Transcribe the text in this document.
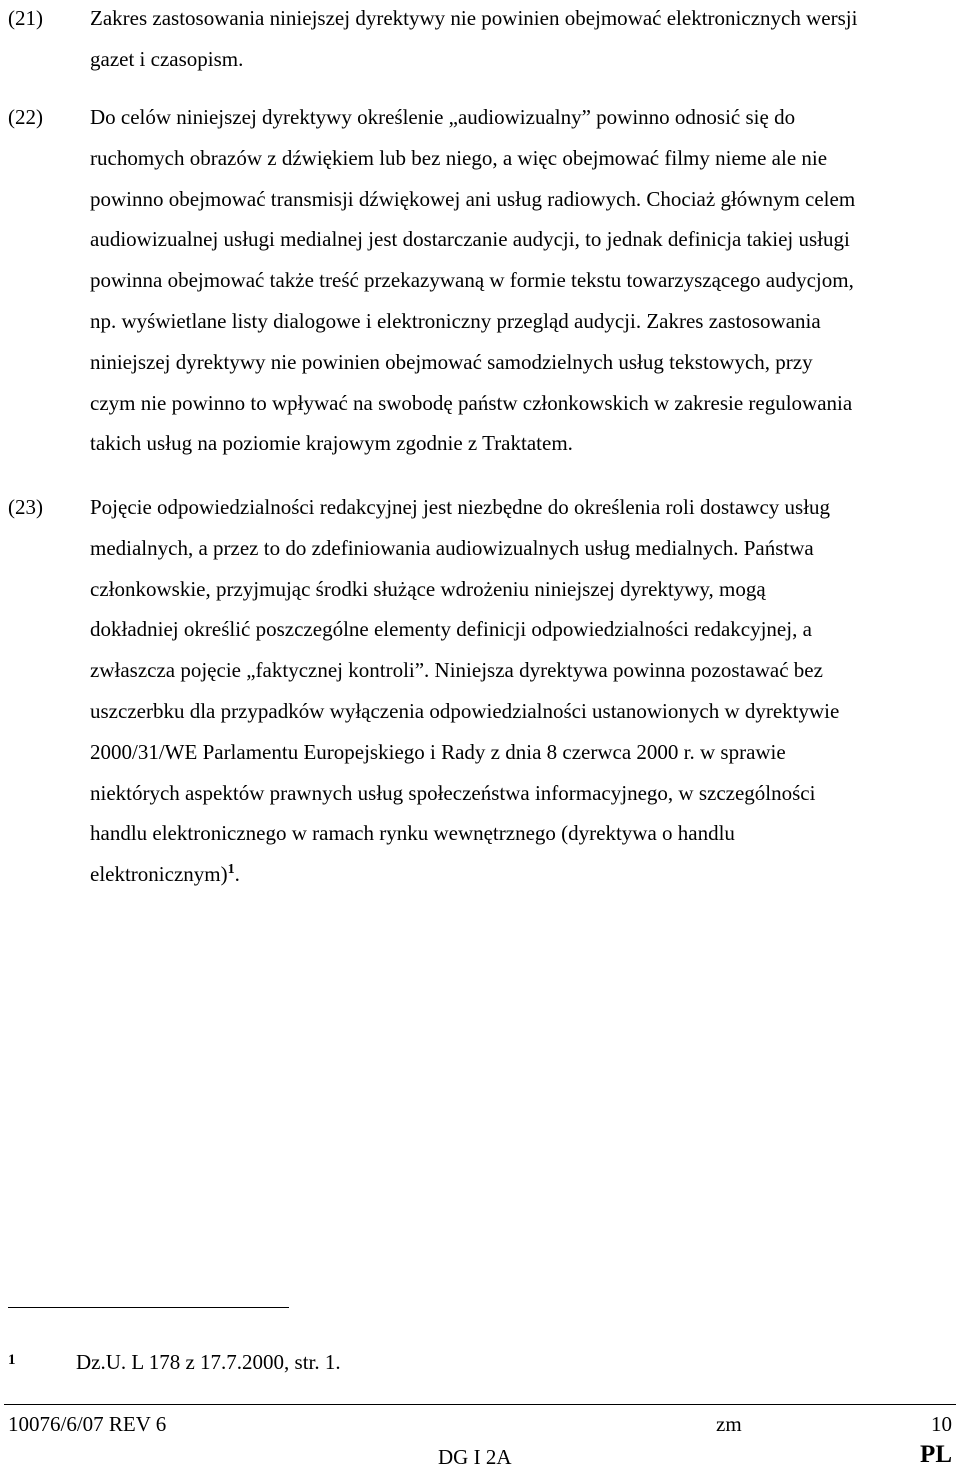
(21) Zakres zastosowania niniejszej dyrektywy nie powinien obejmować elektronicznych wersji
gazet i czasopism.
(22) Do celów niniejszej dyrektywy określenie „audiowizualny” powinno odnosić się do
ruchomych obrazów z dźwiękiem lub bez niego, a więc obejmować filmy nieme ale nie
powinno obejmować transmisji dźwiękowej ani usług radiowych. Chociaż głównym celem
audiowizualnej usługi medialnej jest dostarczanie audycji, to jednak definicja takiej usługi
powinna obejmować także treść przekazywaną w formie tekstu towarzyszącego audycjom,
np. wyświetlane listy dialogowe i elektroniczny przegląd audycji. Zakres zastosowania
niniejszej dyrektywy nie powinien obejmować samodzielnych usług tekstowych, przy
czym nie powinno to wpływać na swobodę państw członkowskich w zakresie regulowania
takich usług na poziomie krajowym zgodnie z Traktatem.
(23) Pojęcie odpowiedzialności redakcyjnej jest niezbędne do określenia roli dostawcy usług
medialnych, a przez to do zdefiniowania audiowizualnych usług medialnych. Państwa
członkowskie, przyjmując środki służące wdrożeniu niniejszej dyrektywy, mogą
dokładniej określić poszczególne elementy definicji odpowiedzialności redakcyjnej, a
zwłaszcza pojęcie „faktycznej kontroli”. Niniejsza dyrektywa powinna pozostawać bez
uszczerbku dla przypadków wyłączenia odpowiedzialności ustanowionych w dyrektywie
2000/31/WE Parlamentu Europejskiego i Rady z dnia 8 czerwca 2000 r. w sprawie
niektórych aspektów prawnych usług społeczeństwa informacyjnego, w szczególności
handlu elektronicznego w ramach rynku wewnętrznego (dyrektywa o handlu
elektronicznym)$^1$.
1	Dz.U. L 178 z 17.7.2000, str. 1.
10076/6/07 REV 6	zm	10
DG I 2A	PL
